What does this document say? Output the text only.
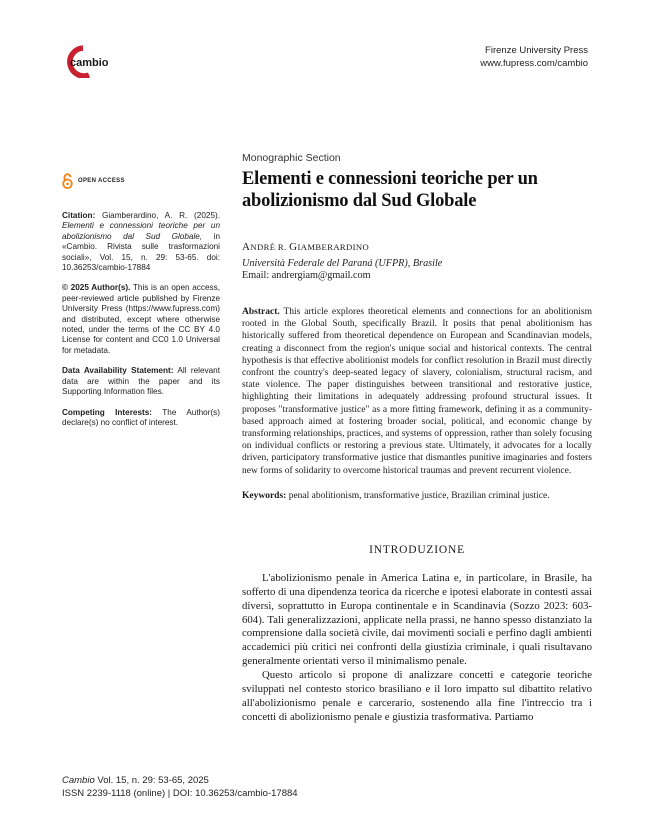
cambio
Firenze University Press
www.fupress.com/cambio
OPEN ACCESS

Citation: Giamberardino, A. R. (2025). Elementi e connessioni teoriche per un abolizionismo dal Sud Globale, in «Cambio. Rivista sulle trasformazioni sociali», Vol. 15, n. 29: 53-65. doi: 10.36253/cambio-17884

© 2025 Author(s). This is an open access, peer-reviewed article published by Firenze University Press (https://www.fupress.com) and distributed, except where otherwise noted, under the terms of the CC BY 4.0 License for content and CC0 1.0 Universal for metadata.

Data Availability Statement: All relevant data are within the paper and its Supporting Information files.

Competing Interests: The Author(s) declare(s) no conflict of interest.

Monographic Section
Elementi e connessioni teoriche per un abolizionismo dal Sud Globale
ANDRÉ R. GIAMBERARDINO
Università Federale del Paraná (UFPR), Brasile
Email: andrergiam@gmail.com
Abstract. This article explores theoretical elements and connections for an abolitionism rooted in the Global South, specifically Brazil. It posits that penal abolitionism has historically suffered from theoretical dependence on European and Scandinavian models, creating a disconnect from the region's unique social and historical contexts. The central hypothesis is that effective abolitionist models for conflict resolution in Brazil must directly confront the country's deep-seated legacy of slavery, colonialism, structural racism, and state violence. The paper distinguishes between transitional and restorative justice, highlighting their limitations in adequately addressing profound structural issues. It proposes "transformative justice" as a more fitting framework, defining it as a community-based approach aimed at fostering broader social, political, and economic change by transforming relationships, practices, and systems of oppression, rather than solely focusing on individual conflicts or restoring a previous state. Ultimately, it advocates for a locally driven, participatory transformative justice that dismantles punitive imaginaries and fosters new forms of solidarity to overcome historical traumas and prevent recurrent violence.
Keywords: penal abolitionism, transformative justice, Brazilian criminal justice.
INTRODUZIONE

L'abolizionismo penale in America Latina e, in particolare, in Brasile, ha sofferto di una dipendenza teorica da ricerche e ipotesi elaborate in contesti assai diversi, soprattutto in Europa continentale e in Scandinavia (Sozzo 2023: 603-604). Tali generalizzazioni, applicate nella prassi, ne hanno spesso distanziato la comprensione dalla società civile, dai movimenti sociali e perfino dagli ambienti accademici più critici nei confronti della giustizia criminale, i quali risultavano generalmente orientati verso il minimalismo penale.

Questo articolo si propone di analizzare concetti e categorie teoriche sviluppati nel contesto storico brasiliano e il loro impatto sul dibattito relativo all'abolizionismo penale e carcerario, sostenendo alla fine l'intreccio tra i concetti di abolizionismo penale e giustizia trasformativa. Partiamo

Cambio Vol. 15, n. 29: 53-65, 2025
ISSN 2239-1118 (online) | DOI: 10.36253/cambio-17884
